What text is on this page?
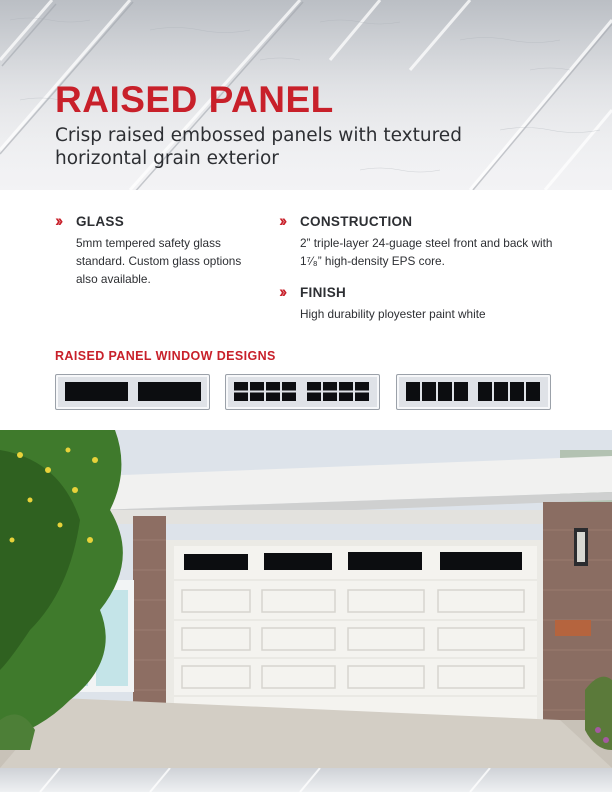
RAISED PANEL

Crisp raised embossed panels with textured horizontal grain exterior

›› GLASS

5mm tempered safety glass standard. Custom glass options also available.

›› CONSTRUCTION

2” triple-layer 24-guage steel front and back with 1⁷⁄₈” high-density EPS core.

›› FINISH

High durability ployester paint white

RAISED PANEL WINDOW DESIGNS
